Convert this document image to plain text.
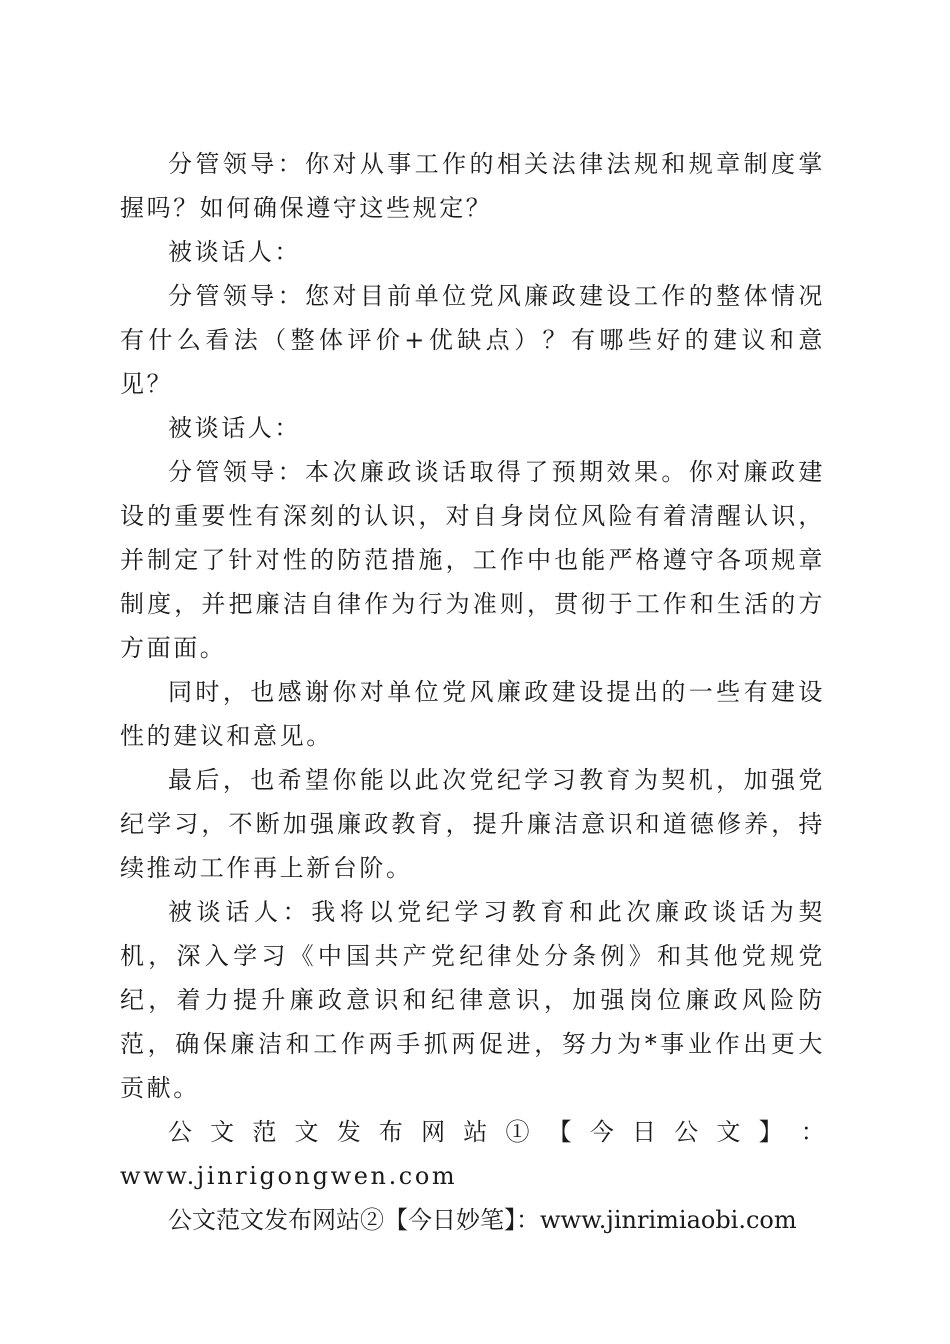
分管领导：你对从事工作的相关法律法规和规章制度掌握吗？如何确保遵守这些规定？

被谈话人：

分管领导：您对目前单位党风廉政建设工作的整体情况有什么看法（整体评价+优缺点）？有哪些好的建议和意见？

被谈话人：

分管领导：本次廉政谈话取得了预期效果。你对廉政建设的重要性有深刻的认识，对自身岗位风险有着清醒认识，并制定了针对性的防范措施，工作中也能严格遵守各项规章制度，并把廉洁自律作为行为准则，贯彻于工作和生活的方方面面。

同时，也感谢你对单位党风廉政建设提出的一些有建设性的建议和意见。

最后，也希望你能以此次党纪学习教育为契机，加强党纪学习，不断加强廉政教育，提升廉洁意识和道德修养，持续推动工作再上新台阶。

被谈话人：我将以党纪学习教育和此次廉政谈话为契机，深入学习《中国共产党纪律处分条例》和其他党规党纪，着力提升廉政意识和纪律意识，加强岗位廉政风险防范，确保廉洁和工作两手抓两促进，努力为*事业作出更大贡献。

公 文 范 文 发 布 网 站 ① 【 今 日 公 文 】 ：

www.jinrigongwen.com

公文范文发布网站②【今日妙笔】：www.jinrimiaobi.com
